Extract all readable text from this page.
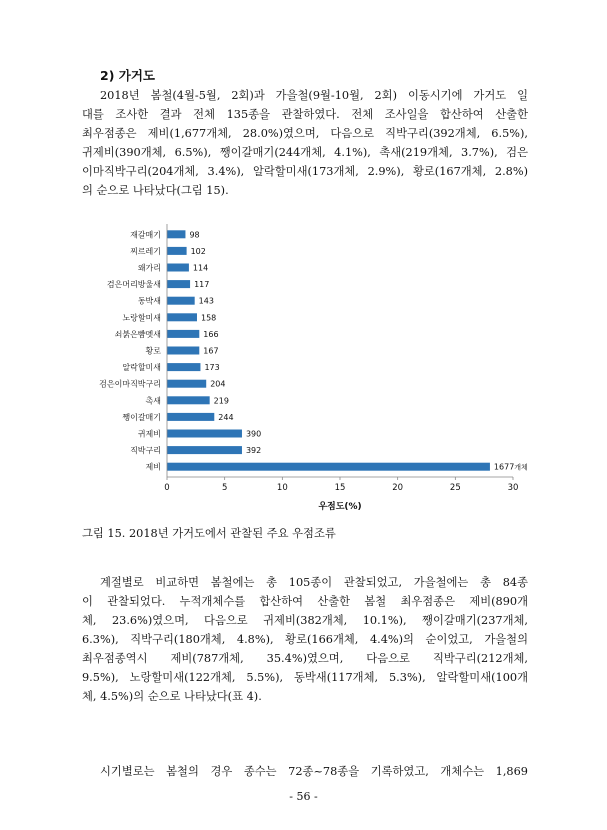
2) 가거도
2018년 봄철(4월-5월, 2회)과 가을철(9월-10월, 2회) 이동시기에 가거도 일
대를 조사한 결과 전체 135종을 관찰하였다. 전체 조사일을 합산하여 산출한
최우점종은 제비(1,677개체, 28.0%)였으며, 다음으로 직박구리(392개체, 6.5%),
귀제비(390개체, 6.5%), 쨍이갈매기(244개체, 4.1%), 촉새(219개체, 3.7%), 검은
이마직박구리(204개체, 3.4%), 알락할미새(173개체, 2.9%), 황로(167개체, 2.8%)
의 순으로 나타났다(그림 15).
재갈매기
찌르레기
왜가리
검은머리방울새
동박새
노랑할미새
쇠붉은뺨멧새
황로
알락할미새
검은이마직박구리
촉새
쨍이갈매기
귀제비
직박구리
제비
98
102
114
117
143
158
166
167
173
204
219
244
390
392
1677개체
0	5	10	15	20	25	30
우점도(%)
그림 15. 2018년 가거도에서 관찰된 주요 우점조류
계절별로 비교하면 봄철에는 총 105종이 관찰되었고, 가을철에는 총 84종
이 관찰되었다. 누적개체수를 합산하여 산출한 봄철 최우점종은 제비(890개
체, 23.6%)였으며, 다음으로 귀제비(382개체, 10.1%), 쨍이갈매기(237개체,
6.3%), 직박구리(180개체, 4.8%), 황로(166개체, 4.4%)의 순이었고, 가을철의
최우점종역시 제비(787개체, 35.4%)였으며, 다음으로 직박구리(212개체,
9.5%), 노랑할미새(122개체, 5.5%), 동박새(117개체, 5.3%), 알락할미새(100개
체, 4.5%)의 순으로 나타났다(표 4).
시기별로는 봄철의 경우 종수는 72종~78종을 기록하였고, 개체수는 1,869
- 56 -
